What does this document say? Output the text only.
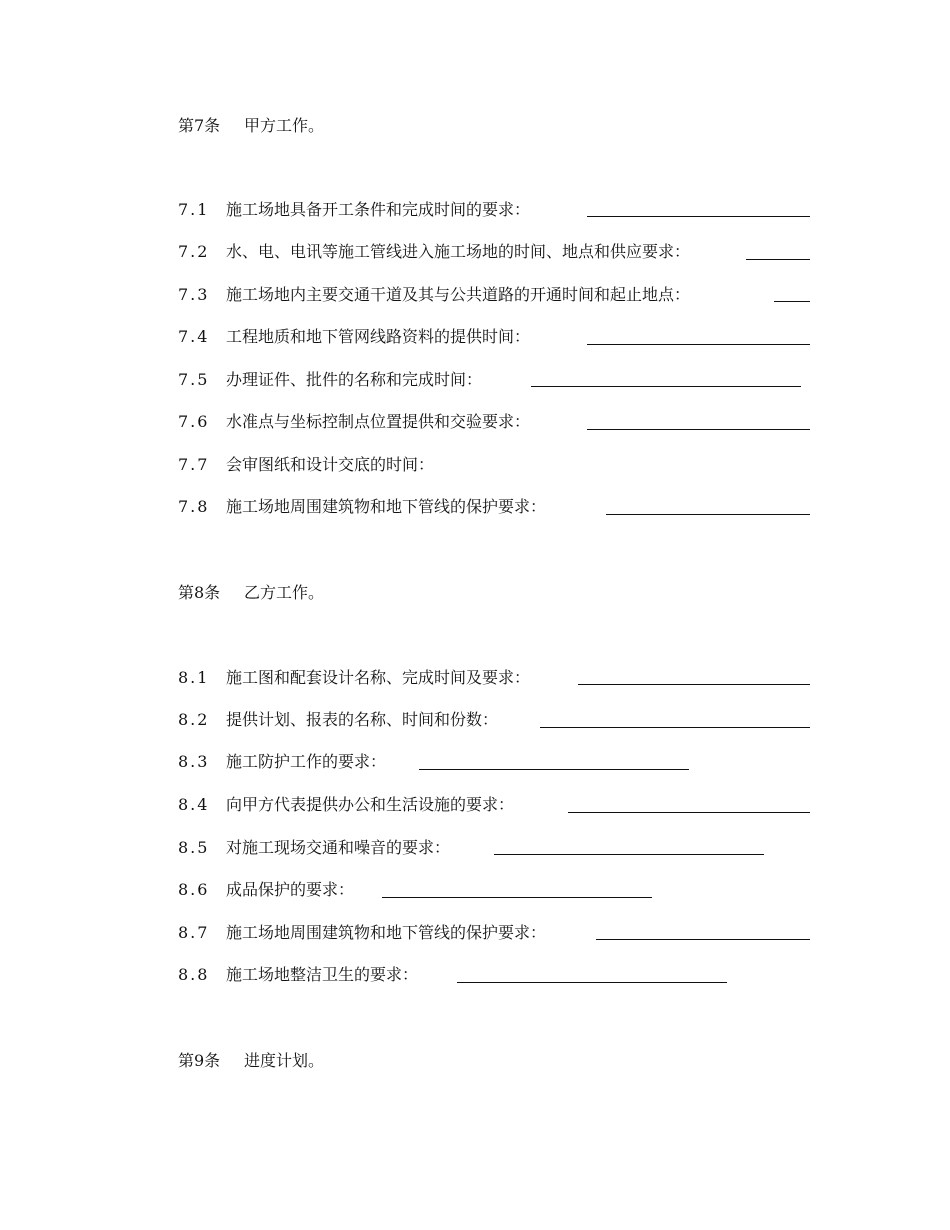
第7条 甲方工作。
7.1	施工场地具备开工条件和完成时间的要求：
7.2	水、电、电讯等施工管线进入施工场地的时间、地点和供应要求：
7.3	施工场地内主要交通干道及其与公共道路的开通时间和起止地点：
7.4	工程地质和地下管网线路资料的提供时间：
7.5	办理证件、批件的名称和完成时间：
7.6	水准点与坐标控制点位置提供和交验要求：
7.7	会审图纸和设计交底的时间：
7.8	施工场地周围建筑物和地下管线的保护要求：
第8条 乙方工作。
8.1	施工图和配套设计名称、完成时间及要求：
8.2	提供计划、报表的名称、时间和份数：
8.3	施工防护工作的要求：
8.4	向甲方代表提供办公和生活设施的要求：
8.5	对施工现场交通和噪音的要求：
8.6	成品保护的要求：
8.7	施工场地周围建筑物和地下管线的保护要求：
8.8	施工场地整洁卫生的要求：
第9条 进度计划。
